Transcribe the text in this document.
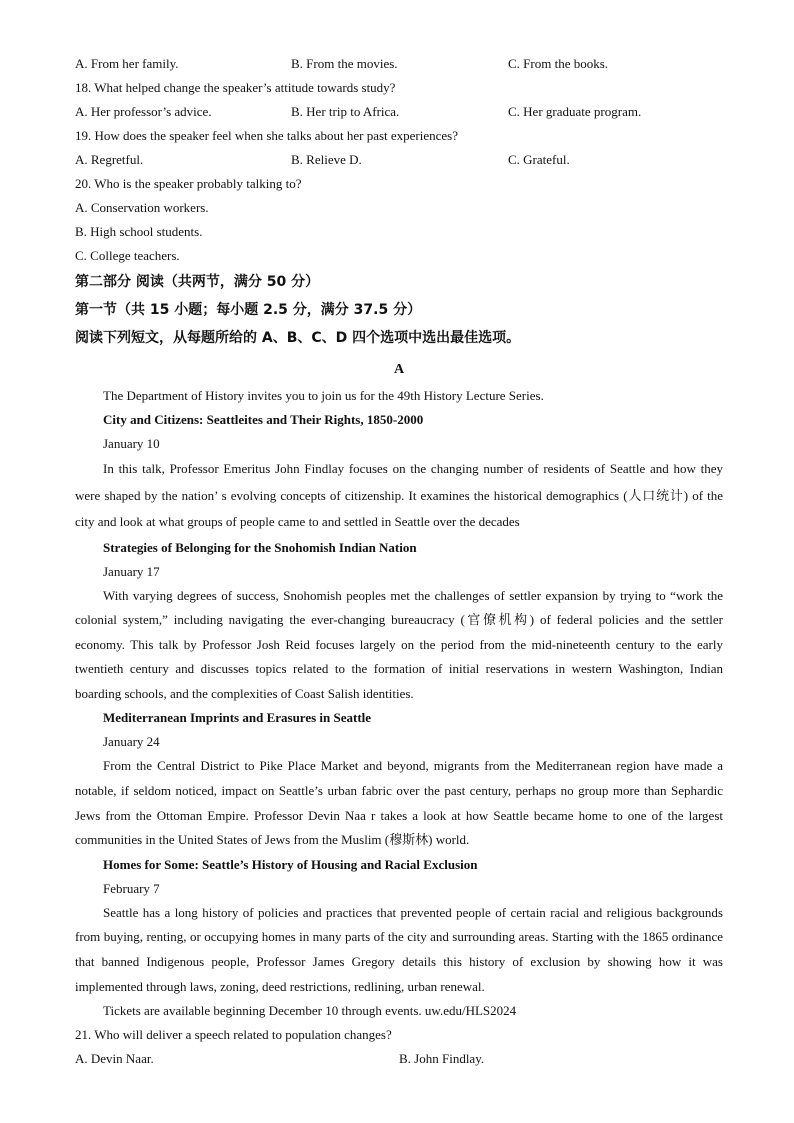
A. From her family.	B. From the movies.	C. From the books.
18. What helped change the speaker’s attitude towards study?
A. Her professor’s advice.	B. Her trip to Africa.	C. Her graduate program.
19. How does the speaker feel when she talks about her past experiences?
A. Regretful.	B. Relieve D.	C. Grateful.
20. Who is the speaker probably talking to?
A. Conservation workers.
B. High school students.
C. College teachers.
第二部分 阅读（共两节，满分 50 分）
第一节（共 15 小题；每小题 2.5 分，满分 37.5 分）
阅读下列短文，从每题所给的 A、B、C、D 四个选项中选出最佳选项。
A
The Department of History invites you to join us for the 49th History Lecture Series.
City and Citizens: Seattleites and Their Rights, 1850-2000
January 10

In this talk, Professor Emeritus John Findlay focuses on the changing number of residents of Seattle and how they were shaped by the nation’ s evolving concepts of citizenship. It examines the historical demographics (人口统计) of the city and look at what groups of people came to and settled in Seattle over the decades

Strategies of Belonging for the Snohomish Indian Nation
January 17

With varying degrees of success, Snohomish peoples met the challenges of settler expansion by trying to “work the colonial system,” including navigating the ever-changing bureaucracy (官僚机构) of federal policies and the settler economy. This talk by Professor Josh Reid focuses largely on the period from the mid-nineteenth century to the early twentieth century and discusses topics related to the formation of initial reservations in western Washington, Indian boarding schools, and the complexities of Coast Salish identities.

Mediterranean Imprints and Erasures in Seattle
January 24

From the Central District to Pike Place Market and beyond, migrants from the Mediterranean region have made a notable, if seldom noticed, impact on Seattle’s urban fabric over the past century, perhaps no group more than Sephardic Jews from the Ottoman Empire. Professor Devin Naa r takes a look at how Seattle became home to one of the largest communities in the United States of Jews from the Muslim (穆斯林) world.

Homes for Some: Seattle’s History of Housing and Racial Exclusion
February 7

Seattle has a long history of policies and practices that prevented people of certain racial and religious backgrounds from buying, renting, or occupying homes in many parts of the city and surrounding areas. Starting with the 1865 ordinance that banned Indigenous people, Professor James Gregory details this history of exclusion by showing how it was implemented through laws, zoning, deed restrictions, redlining, urban renewal.

Tickets are available beginning December 10 through events. uw.edu/HLS2024
21. Who will deliver a speech related to population changes?
A. Devin Naar.	B. John Findlay.
